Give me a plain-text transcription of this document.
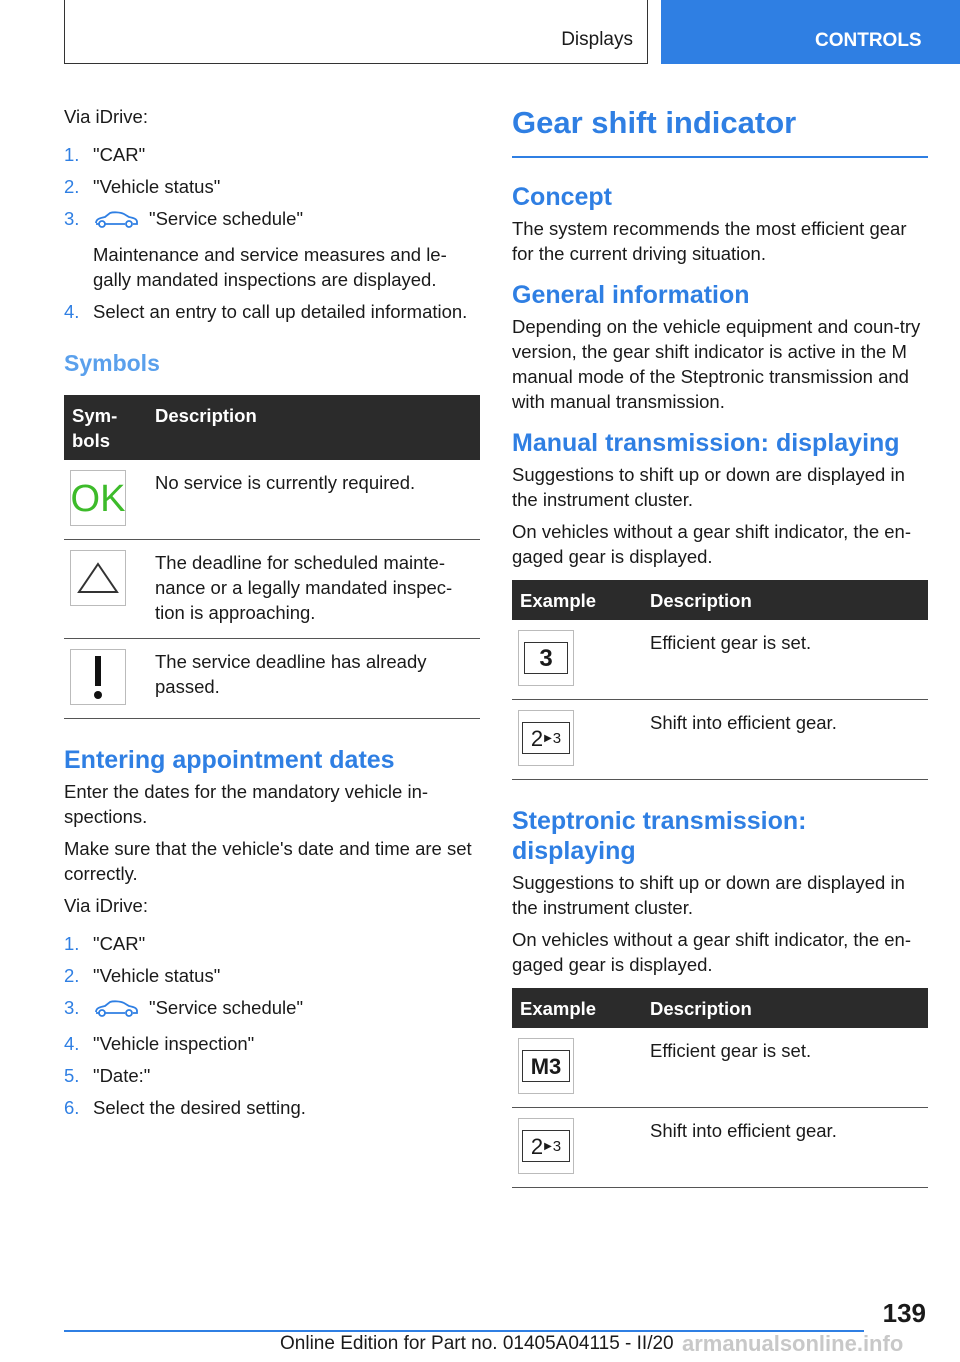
Displays	CONTROLS

Via iDrive:

1. "CAR"
2. "Vehicle status"
3.	"Service schedule"
Maintenance and service measures and le‐gally mandated inspections are displayed.
4. Select an entry to call up detailed information.
Symbols
Sym‐bols	Description

OK	No service is currently required.

	The deadline for scheduled mainte‐nance or a legally mandated inspec‐tion is approaching.

	The service deadline has already passed.
Entering appointment dates

Enter the dates for the mandatory vehicle in‐spections.

Make sure that the vehicle's date and time are set correctly.

Via iDrive:

1. "CAR"
2. "Vehicle status"
3.	"Service schedule"
4. "Vehicle inspection"
5. "Date:"
6. Select the desired setting.
Gear shift indicator
Concept

The system recommends the most efficient gear for the current driving situation.

General information

Depending on the vehicle equipment and coun‐try version, the gear shift indicator is active in the M manual mode of the Steptronic transmission and with manual transmission.

Manual transmission: displaying

Suggestions to shift up or down are displayed in the instrument cluster.

On vehicles without a gear shift indicator, the en‐gaged gear is displayed.

Example	Description

3	Efficient gear is set.

2 ▶ 3	Shift into efficient gear.
Steptronic transmission: displaying

Suggestions to shift up or down are displayed in the instrument cluster.

On vehicles without a gear shift indicator, the en‐gaged gear is displayed.

Example	Description

M3	Efficient gear is set.

2 ▶ 3	Shift into efficient gear.
139
Online Edition for Part no. 01405A04115 - II/20 armanualsonline.info
